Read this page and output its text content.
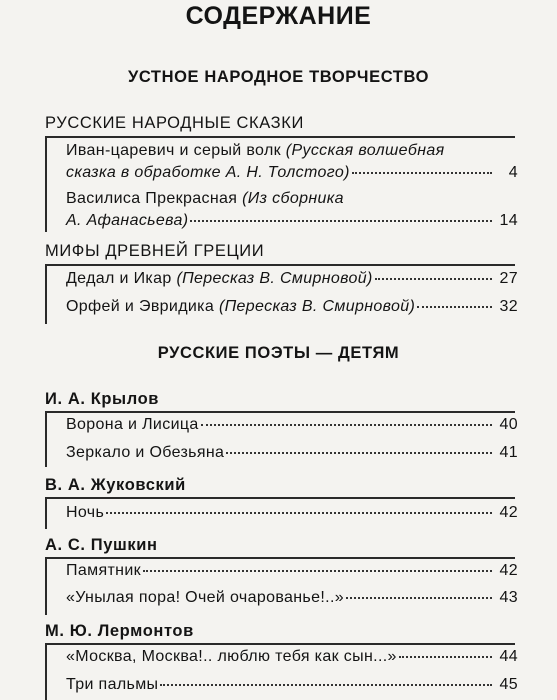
СОДЕРЖАНИЕ
УСТНОЕ НАРОДНОЕ ТВОРЧЕСТВО
РУССКИЕ НАРОДНЫЕ СКАЗКИ
Иван-царевич и серый волк (Русская волшебная
сказка в обработке А. Н. Толстого)	4
Василиса Прекрасная (Из сборника
А. Афанасьева)	14
МИФЫ ДРЕВНЕЙ ГРЕЦИИ
Дедал и Икар
(Пересказ В. Смирновой)	27
Орфей и Эвридика
(Пересказ В. Смирновой)	32
РУССКИЕ ПОЭТЫ — ДЕТЯМ
И. А. Крылов
Ворона и Лисица	40
Зеркало и Обезьяна	41
В. А. Жуковский
Ночь	42
А. С. Пушкин
Памятник	42
«Унылая пора! Очей очарованье!..»	43
М. Ю. Лермонтов
«Москва, Москва!.. люблю тебя как сын...»	44
Три пальмы	45
